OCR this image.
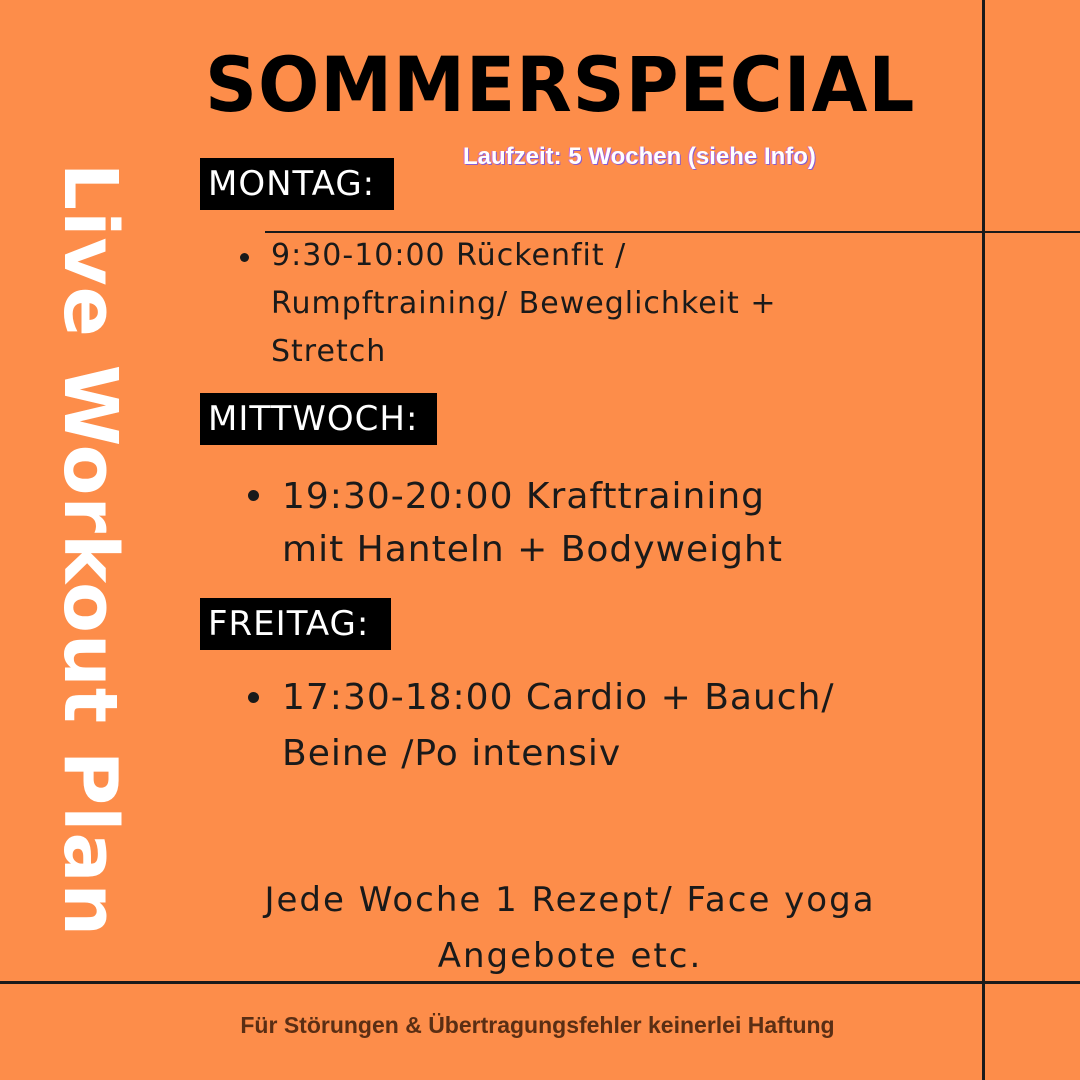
Live Workout Plan
SOMMERSPECIAL
Laufzeit: 5 Wochen (siehe Info)
MONTAG:
9:30-10:00 Rückenfit /
Rumpftraining/ Beweglichkeit +
Stretch
MITTWOCH:
19:30-20:00 Krafttraining
mit Hanteln + Bodyweight
FREITAG:
17:30-18:00 Cardio + Bauch/
Beine /Po intensiv
Jede Woche 1 Rezept/ Face yoga
Angebote etc.
Für Störungen & Übertragungsfehler keinerlei Haftung
